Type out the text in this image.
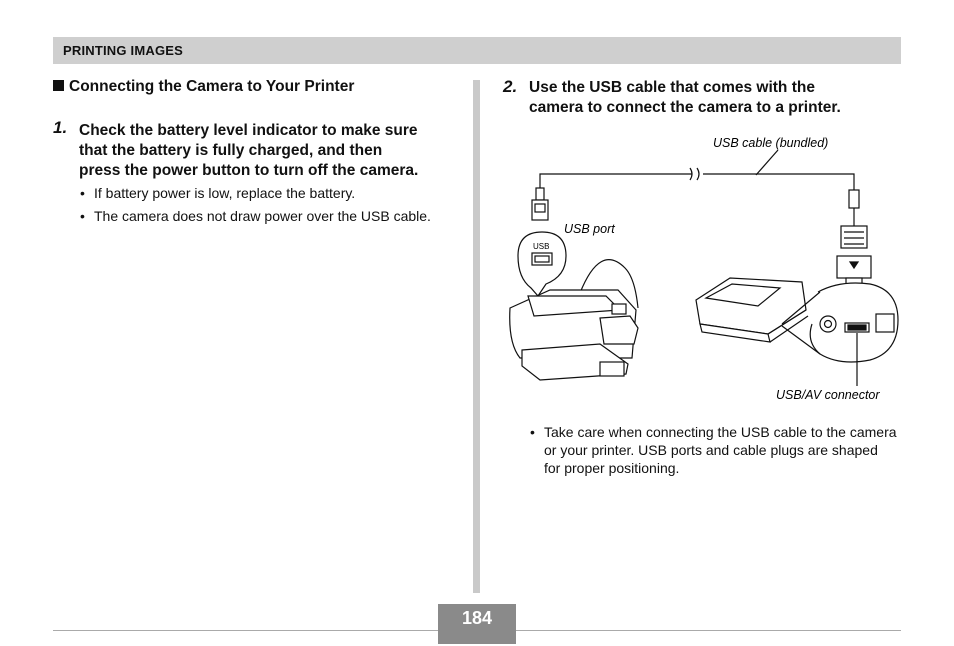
PRINTING IMAGES
Connecting the Camera to Your Printer
1. Check the battery level indicator to make sure
that the battery is fully charged, and then
press the power button to turn off the camera.
• If battery power is low, replace the battery.
• The camera does not draw power over the USB cable.
2. Use the USB cable that comes with the
camera to connect the camera to a printer.
USB cable (bundled)
USB port
USB
USB/AV connector
• Take care when connecting the USB cable to the camera or your printer. USB ports and cable plugs are shaped for proper positioning.
184
